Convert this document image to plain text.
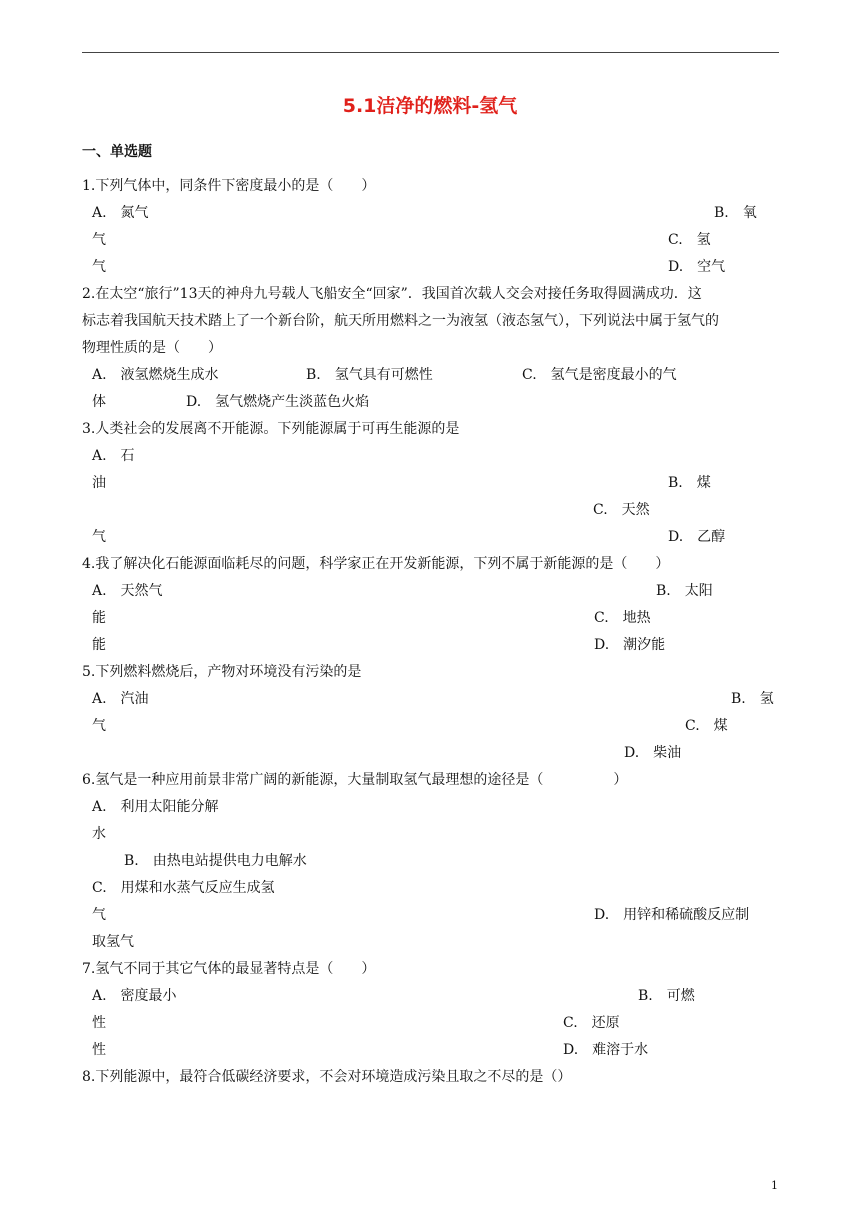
5.1洁净的燃料-氢气
一、单选题
1.下列气体中，同条件下密度最小的是（　　）
A.　氮气	B.　氧
气	C.　氢
气	D.　空气
2.在太空“旅行”13天的神舟九号载人飞船安全“回家”．我国首次载人交会对接任务取得圆满成功．这
标志着我国航天技术踏上了一个新台阶，航天所用燃料之一为液氢（液态氢气），下列说法中属于氢气的
物理性质的是（　　）
A.　液氢燃烧生成水	B.　氢气具有可燃性	C.　氢气是密度最小的气
体	D.　氢气燃烧产生淡蓝色火焰
3.人类社会的发展离不开能源。下列能源属于可再生能源的是
A.　石
油	B.　煤
C.　天然
气	D.　乙醇
4.我了解决化石能源面临耗尽的问题，科学家正在开发新能源，下列不属于新能源的是（　　）
A.　天然气	B.　太阳
能	C.　地热
能	D.　潮汐能
5.下列燃料燃烧后，产物对环境没有污染的是
A.　汽油	B.　氢
气	C.　煤
D.　柴油
6.氢气是一种应用前景非常广阔的新能源，大量制取氢气最理想的途径是（　　　　　）
A.　利用太阳能分解
水
B.　由热电站提供电力电解水
C.　用煤和水蒸气反应生成氢
气	D.　用锌和稀硫酸反应制
取氢气
7.氢气不同于其它气体的最显著特点是（　　）
A.　密度最小	B.　可燃
性	C.　还原
性	D.　难溶于水
8.下列能源中，最符合低碳经济要求，不会对环境造成污染且取之不尽的是（）
1
